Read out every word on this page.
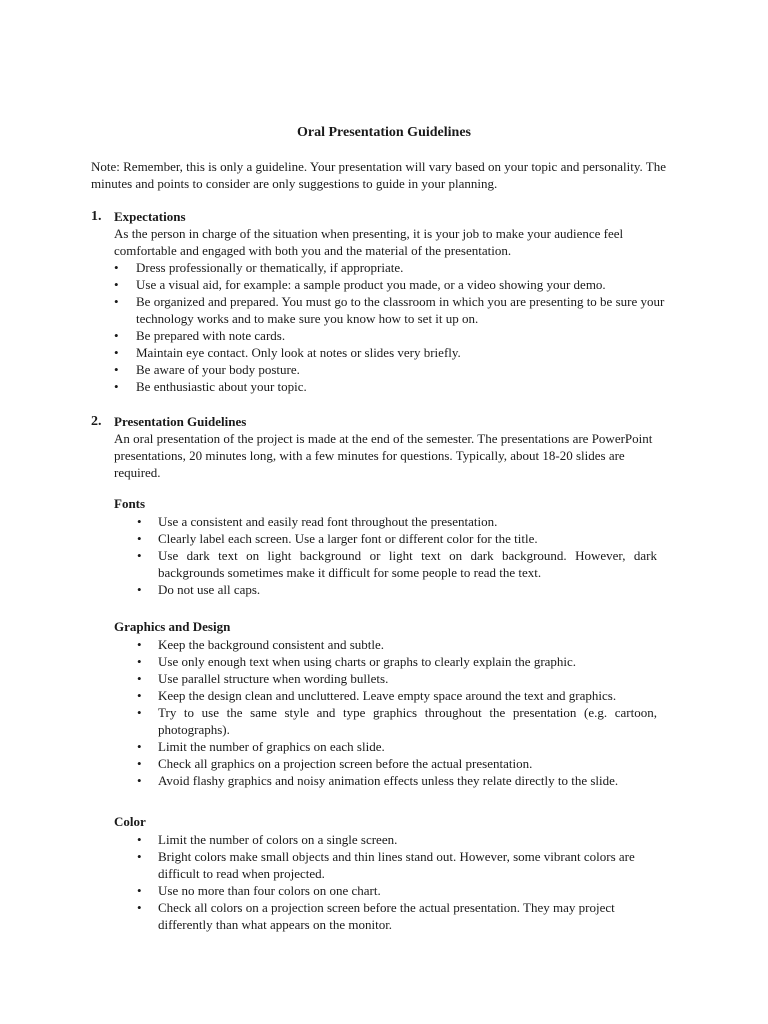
Oral Presentation Guidelines
Note: Remember, this is only a guideline. Your presentation will vary based on your topic and personality. The minutes and points to consider are only suggestions to guide in your planning.
1. Expectations
As the person in charge of the situation when presenting, it is your job to make your audience feel comfortable and engaged with both you and the material of the presentation.
• Dress professionally or thematically, if appropriate.
• Use a visual aid, for example: a sample product you made, or a video showing your demo.
• Be organized and prepared. You must go to the classroom in which you are presenting to be sure your technology works and to make sure you know how to set it up on.
• Be prepared with note cards.
• Maintain eye contact. Only look at notes or slides very briefly.
• Be aware of your body posture.
• Be enthusiastic about your topic.
2. Presentation Guidelines
An oral presentation of the project is made at the end of the semester. The presentations are PowerPoint presentations, 20 minutes long, with a few minutes for questions. Typically, about 18-20 slides are required.
Fonts
• Use a consistent and easily read font throughout the presentation.
• Clearly label each screen. Use a larger font or different color for the title.
• Use dark text on light background or light text on dark background. However, dark backgrounds sometimes make it difficult for some people to read the text.
• Do not use all caps.
Graphics and Design
• Keep the background consistent and subtle.
• Use only enough text when using charts or graphs to clearly explain the graphic.
• Use parallel structure when wording bullets.
• Keep the design clean and uncluttered. Leave empty space around the text and graphics.
• Try to use the same style and type graphics throughout the presentation (e.g. cartoon, photographs).
• Limit the number of graphics on each slide.
• Check all graphics on a projection screen before the actual presentation.
• Avoid flashy graphics and noisy animation effects unless they relate directly to the slide.
Color
• Limit the number of colors on a single screen.
• Bright colors make small objects and thin lines stand out. However, some vibrant colors are difficult to read when projected.
• Use no more than four colors on one chart.
• Check all colors on a projection screen before the actual presentation. They may project differently than what appears on the monitor.
